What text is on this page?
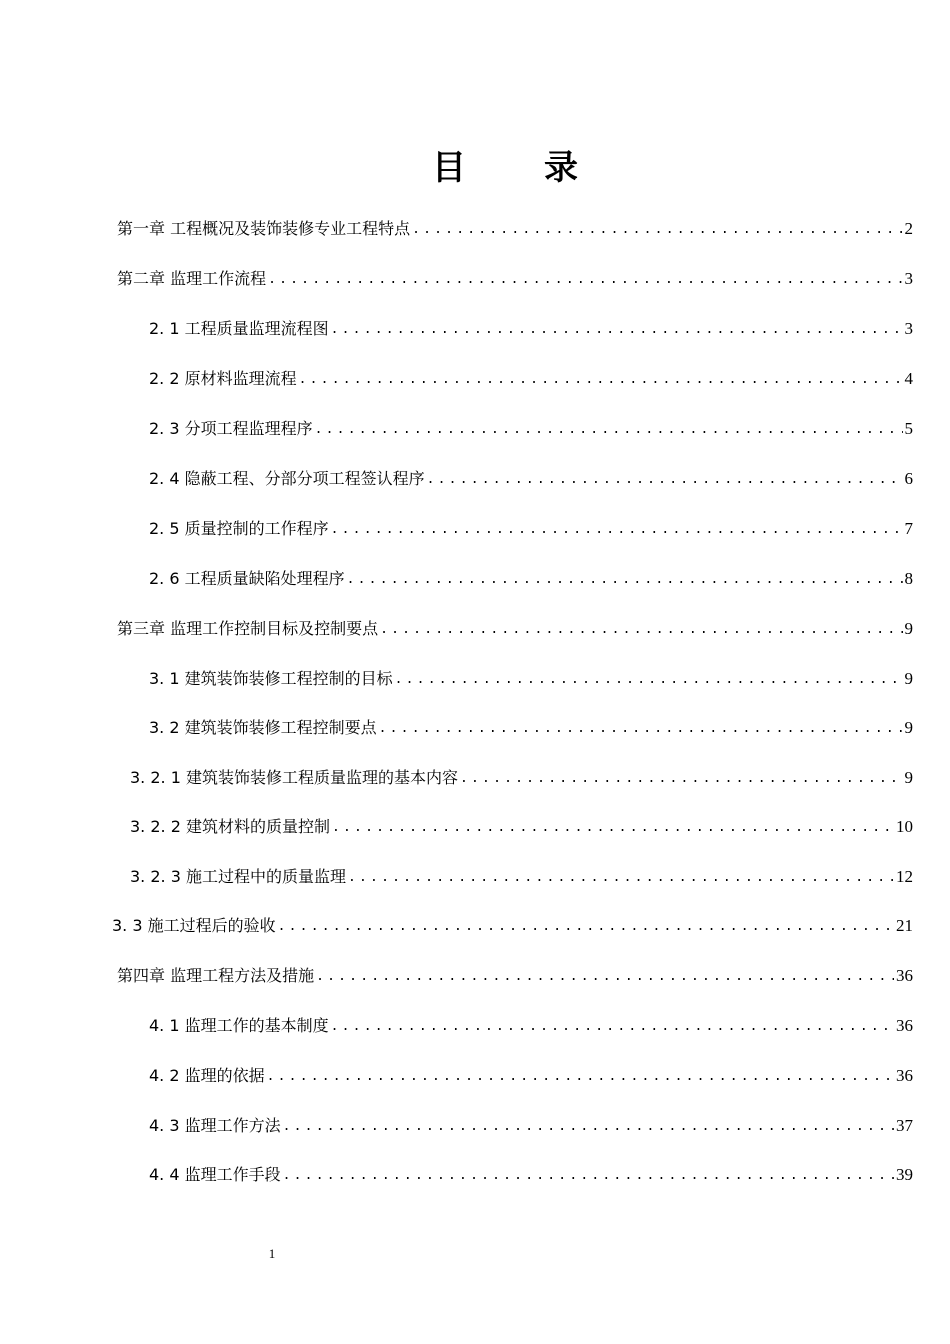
目 录
第一章 工程概况及装饰装修专业工程特点 .....	2
第二章 监理工作流程 .....	3
2. 1 工程质量监理流程图 .....	3
2. 2 原材料监理流程 .....	4
2. 3 分项工程监理程序 .....	5
2. 4 隐蔽工程、分部分项工程签认程序 .....	6
2. 5 质量控制的工作程序 .....	7
2. 6 工程质量缺陷处理程序 .....	8
第三章 监理工作控制目标及控制要点 .....	9
3. 1 建筑装饰装修工程控制的目标 .....	9
3. 2 建筑装饰装修工程控制要点 .....	9
3. 2. 1 建筑装饰装修工程质量监理的基本内容 .....	9
3. 2. 2 建筑材料的质量控制 .....	10
3. 2. 3 施工过程中的质量监理 .....	12
3. 3 施工过程后的验收 .....	21
第四章 监理工程方法及措施 .....	36
4. 1 监理工作的基本制度 .....	36
4. 2 监理的依据 .....	36
4. 3 监理工作方法 .....	37
4. 4 监理工作手段 .....	39
1
